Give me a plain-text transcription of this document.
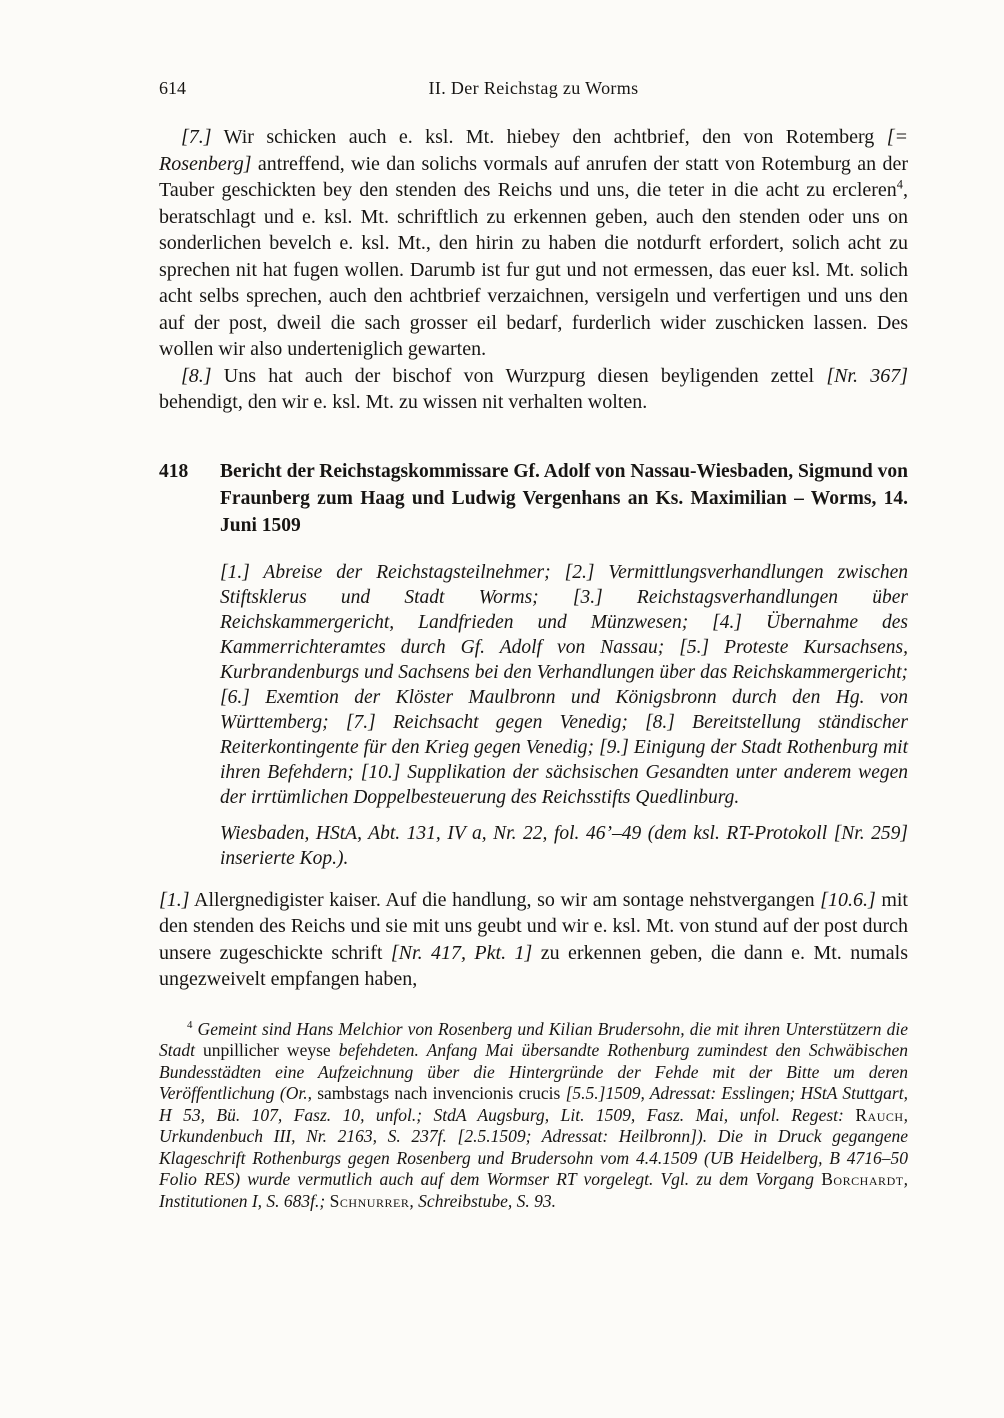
614	II. Der Reichstag zu Worms

[7.] Wir schicken auch e. ksl. Mt. hiebey den achtbrief, den von Rotemberg [= Rosenberg] antreffend, wie dan solichs vormals auf anrufen der statt von Rotemburg an der Tauber geschickten bey den stenden des Reichs und uns, die teter in die acht zu ercleren$^4$, beratschlagt und e. ksl. Mt. schriftlich zu erkennen geben, auch den stenden oder uns on sonderlichen bevelch e. ksl. Mt., den hirin zu haben die notdurft erfordert, solich acht zu sprechen nit hat fugen wollen. Darumb ist fur gut und not ermessen, das euer ksl. Mt. solich acht selbs sprechen, auch den achtbrief verzaichnen, versigeln und verfertigen und uns den auf der post, dweil die sach grosser eil bedarf, furderlich wider zuschicken lassen. Des wollen wir also underteniglich gewarten.

[8.] Uns hat auch der bischof von Wurzpurg diesen beyligenden zettel [Nr. 367] behendigt, den wir e. ksl. Mt. zu wissen nit verhalten wolten.

418	Bericht der Reichstagskommissare Gf. Adolf von Nassau-Wiesbaden, Sigmund von Fraunberg zum Haag und Ludwig Vergenhans an Ks. Maximilian – Worms, 14. Juni 1509

[1.] Abreise der Reichstagsteilnehmer; [2.] Vermittlungsverhandlungen zwischen Stiftsklerus und Stadt Worms; [3.] Reichstagsverhandlungen über Reichskammergericht, Landfrieden und Münzwesen; [4.] Übernahme des Kammerrichteramtes durch Gf. Adolf von Nassau; [5.] Proteste Kursachsens, Kurbrandenburgs und Sachsens bei den Verhandlungen über das Reichskammergericht; [6.] Exemtion der Klöster Maulbronn und Königsbronn durch den Hg. von Württemberg; [7.] Reichsacht gegen Venedig; [8.] Bereitstellung ständischer Reiterkontingente für den Krieg gegen Venedig; [9.] Einigung der Stadt Rothenburg mit ihren Befehdern; [10.] Supplikation der sächsischen Gesandten unter anderem wegen der irrtümlichen Doppelbesteuerung des Reichsstifts Quedlinburg.

Wiesbaden, HStA, Abt. 131, IV a, Nr. 22, fol. 46’–49 (dem ksl. RT-Protokoll [Nr. 259] inserierte Kop.).

[1.] Allergnedigister kaiser. Auf die handlung, so wir am sontage nehstvergangen [10.6.] mit den stenden des Reichs und sie mit uns geubt und wir e. ksl. Mt. von stund auf der post durch unsere zugeschickte schrift [Nr. 417, Pkt. 1] zu erkennen geben, die dann e. Mt. numals ungezweivelt empfangen haben,

$^4$ Gemeint sind Hans Melchior von Rosenberg und Kilian Brudersohn, die mit ihren Unterstützern die Stadt unpillicher weyse befehdeten. Anfang Mai übersandte Rothenburg zumindest den Schwäbischen Bundesstädten eine Aufzeichnung über die Hintergründe der Fehde mit der Bitte um deren Veröffentlichung (Or., sambstags nach invencionis crucis [5.5.]1509, Adressat: Esslingen; HStA Stuttgart, H 53, Bü. 107, Fasz. 10, unfol.; StdA Augsburg, Lit. 1509, Fasz. Mai, unfol. Regest: Rauch, Urkundenbuch III, Nr. 2163, S. 237f. [2.5.1509; Adressat: Heilbronn]). Die in Druck gegangene Klageschrift Rothenburgs gegen Rosenberg und Brudersohn vom 4.4.1509 (UB Heidelberg, B 4716–50 Folio RES) wurde vermutlich auch auf dem Wormser RT vorgelegt. Vgl. zu dem Vorgang Borchardt, Institutionen I, S. 683f.; Schnurrer, Schreibstube, S. 93.
